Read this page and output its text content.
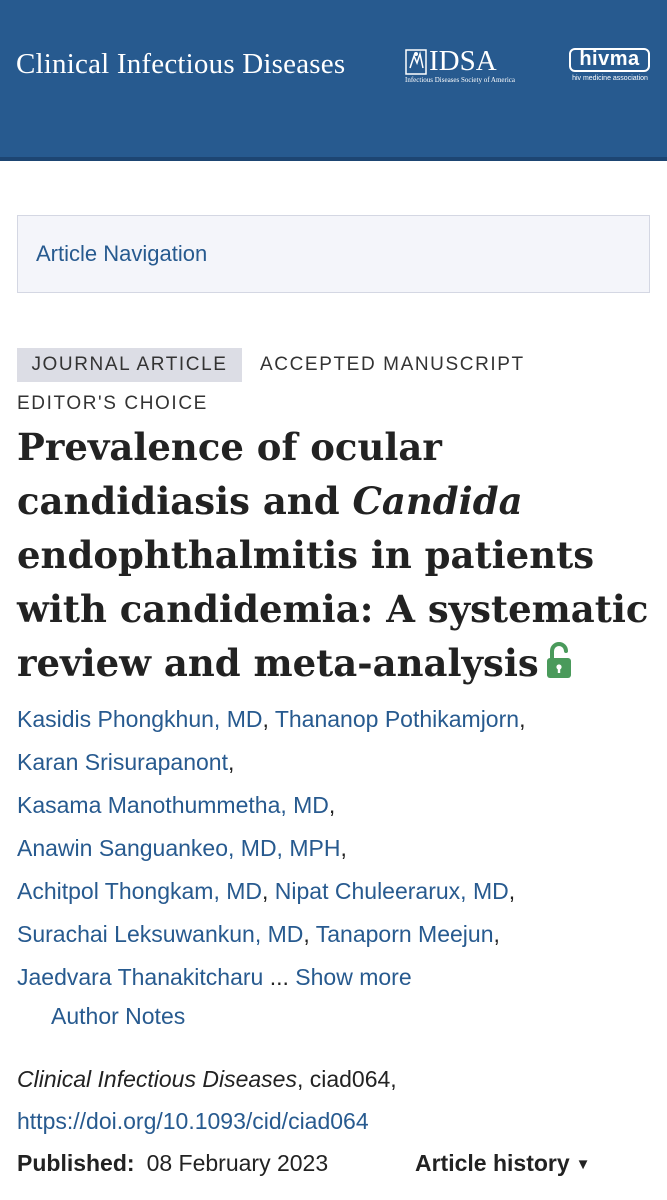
Clinical Infectious Diseases	IDSA
Infectious Diseases Society of America
hivma
hiv medicine association
Article Navigation
JOURNAL ARTICLE	ACCEPTED MANUSCRIPT
EDITOR'S CHOICE
Prevalence of ocular
candidiasis and Candida
endophthalmitis in patients
with candidemia: A systematic
review and meta-analysis
Kasidis Phongkhun, MD, Thananop Pothikamjorn,
Karan Srisurapanont,
Kasama Manothummetha, MD,
Anawin Sanguankeo, MD, MPH,
Achitpol Thongkam, MD, Nipat Chuleerarux, MD,
Surachai Leksuwankun, MD, Tanaporn Meejun,
Jaedvara Thanakitcharu ... Show more
Author Notes
Clinical Infectious Diseases, ciad064,
https://doi.org/10.1093/cid/ciad064
Published: 08 February 2023	Article history ▼
